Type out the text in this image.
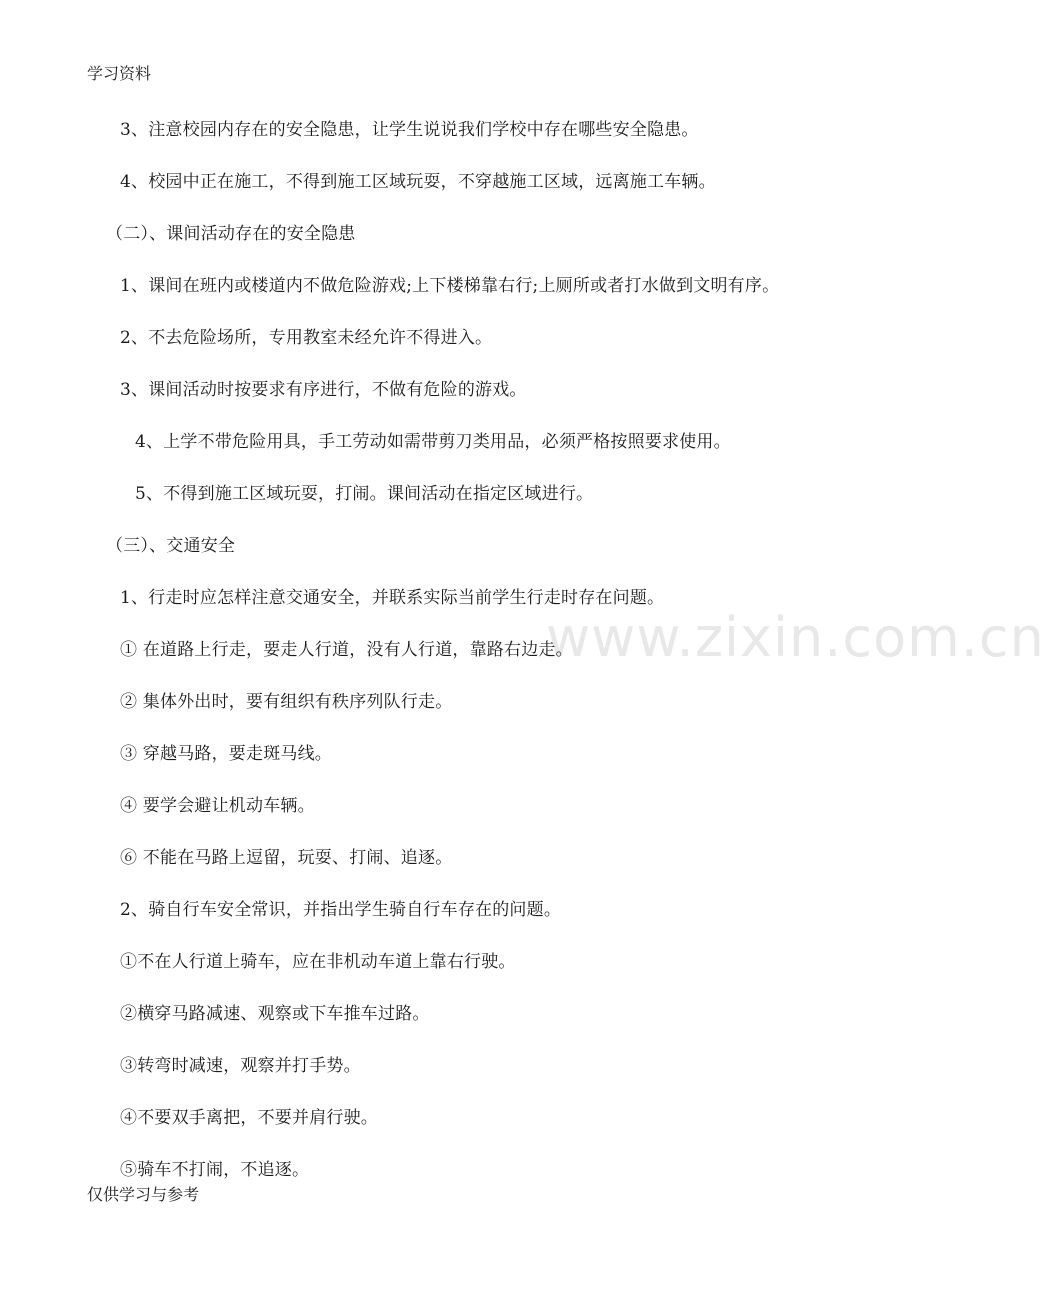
学习资料
www.zixin.com.cn
3、注意校园内存在的安全隐患，让学生说说我们学校中存在哪些安全隐患。
4、校园中正在施工，不得到施工区域玩耍，不穿越施工区域，远离施工车辆。
（二）、课间活动存在的安全隐患
1、课间在班内或楼道内不做危险游戏;上下楼梯靠右行;上厕所或者打水做到文明有序。
2、不去危险场所，专用教室未经允许不得进入。
3、课间活动时按要求有序进行，不做有危险的游戏。
4、上学不带危险用具，手工劳动如需带剪刀类用品，必须严格按照要求使用。
5、不得到施工区域玩耍，打闹。课间活动在指定区域进行。
（三）、交通安全
1、行走时应怎样注意交通安全，并联系实际当前学生行走时存在问题。
① 在道路上行走，要走人行道，没有人行道，靠路右边走。
② 集体外出时，要有组织有秩序列队行走。
③ 穿越马路，要走斑马线。
④ 要学会避让机动车辆。
⑥ 不能在马路上逗留，玩耍、打闹、追逐。
2、骑自行车安全常识，并指出学生骑自行车存在的问题。
①不在人行道上骑车，应在非机动车道上靠右行驶。
②横穿马路减速、观察或下车推车过路。
③转弯时减速，观察并打手势。
④不要双手离把，不要并肩行驶。
⑤骑车不打闹，不追逐。
仅供学习与参考
